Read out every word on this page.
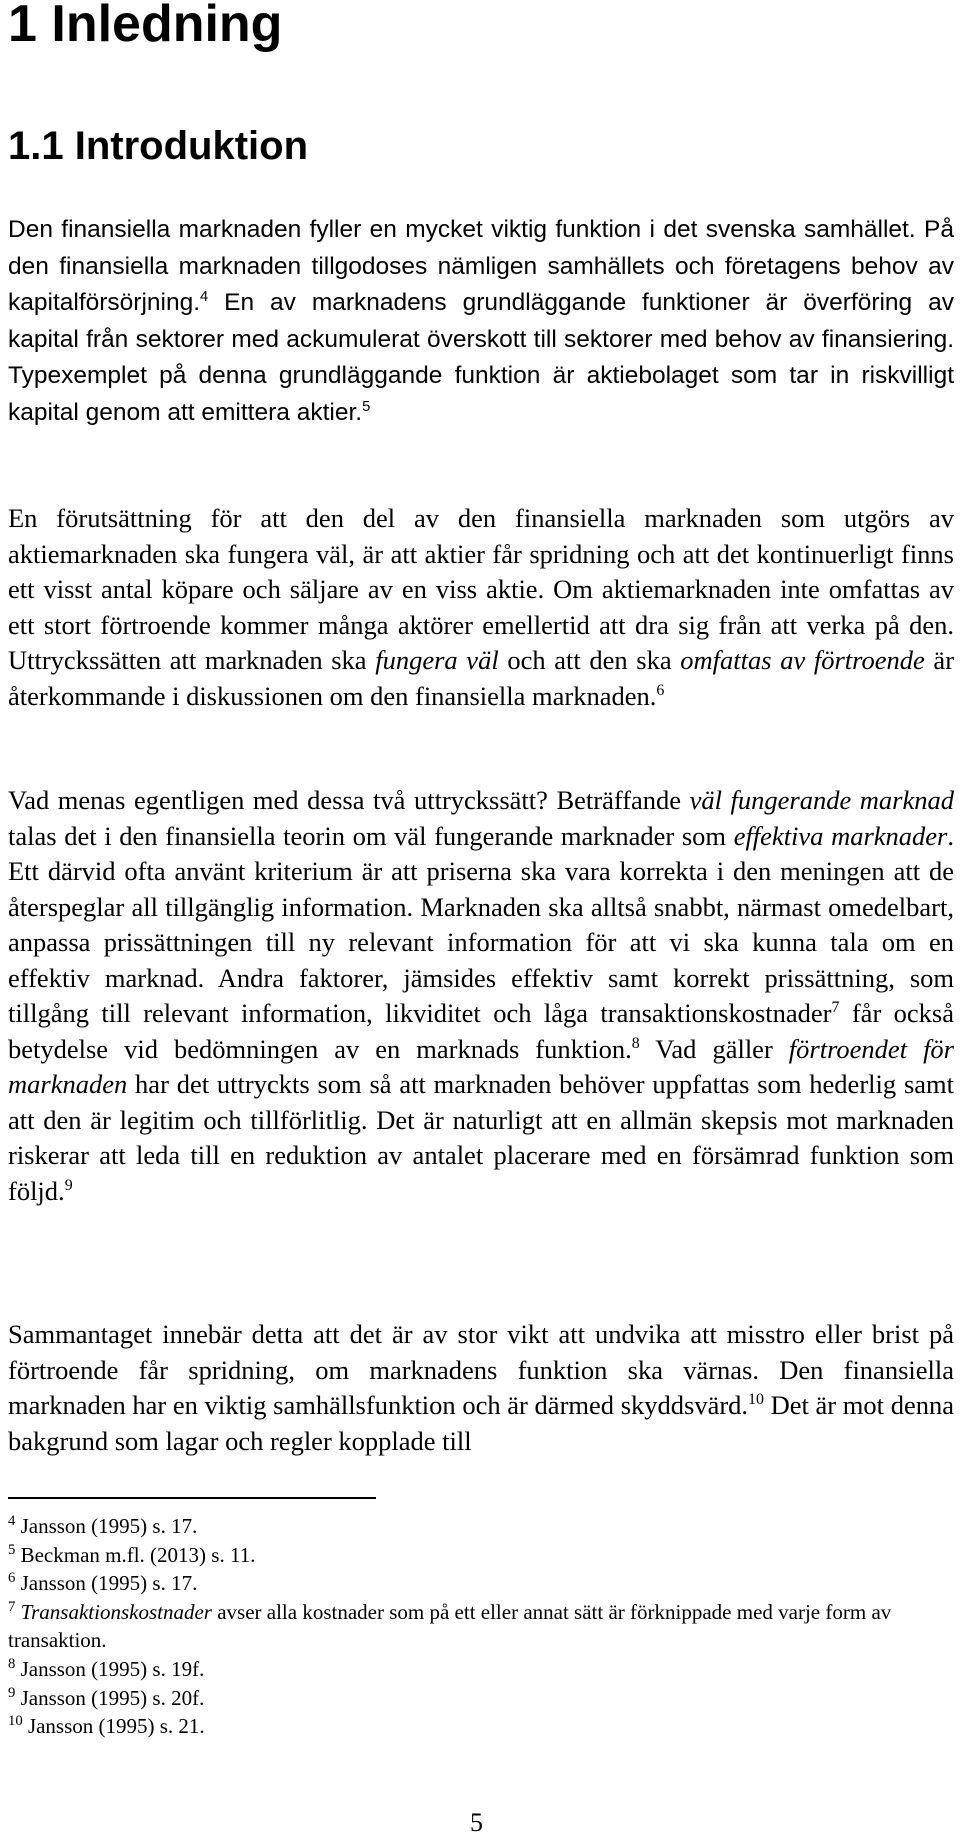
1 Inledning
1.1 Introduktion

Den finansiella marknaden fyller en mycket viktig funktion i det svenska samhället. På den finansiella marknaden tillgodoses nämligen samhällets och företagens behov av kapitalförsörjning.$^4$ En av marknadens grundläggande funktioner är överföring av kapital från sektorer med ackumulerat överskott till sektorer med behov av finansiering. Typexemplet på denna grundläggande funktion är aktiebolaget som tar in riskvilligt kapital genom att emittera aktier.$^5$

En förutsättning för att den del av den finansiella marknaden som utgörs av aktiemarknaden ska fungera väl, är att aktier får spridning och att det kontinuerligt finns ett visst antal köpare och säljare av en viss aktie. Om aktiemarknaden inte omfattas av ett stort förtroende kommer många aktörer emellertid att dra sig från att verka på den. Uttryckssätten att marknaden ska fungera väl och att den ska omfattas av förtroende är återkommande i diskussionen om den finansiella marknaden.$^6$

Vad menas egentligen med dessa två uttryckssätt? Beträffande väl fungerande marknad talas det i den finansiella teorin om väl fungerande marknader som effektiva marknader. Ett därvid ofta använt kriterium är att priserna ska vara korrekta i den meningen att de återspeglar all tillgänglig information. Marknaden ska alltså snabbt, närmast omedelbart, anpassa prissättningen till ny relevant information för att vi ska kunna tala om en effektiv marknad. Andra faktorer, jämsides effektiv samt korrekt prissättning, som tillgång till relevant information, likviditet och låga transaktionskostnader$^7$ får också betydelse vid bedömningen av en marknads funktion.$^8$ Vad gäller förtroendet för marknaden har det uttryckts som så att marknaden behöver uppfattas som hederlig samt att den är legitim och tillförlitlig. Det är naturligt att en allmän skepsis mot marknaden riskerar att leda till en reduktion av antalet placerare med en försämrad funktion som följd.$^9$

Sammantaget innebär detta att det är av stor vikt att undvika att misstro eller brist på förtroende får spridning, om marknadens funktion ska värnas. Den finansiella marknaden har en viktig samhällsfunktion och är därmed skyddsvärd.$^{10}$ Det är mot denna bakgrund som lagar och regler kopplade till

$^4$ Jansson (1995) s. 17.

$^5$ Beckman m.fl. (2013) s. 11.

$^6$ Jansson (1995) s. 17.

$^7$ Transaktionskostnader avser alla kostnader som på ett eller annat sätt är förknippade med varje form av transaktion.

$^8$ Jansson (1995) s. 19f.

$^9$ Jansson (1995) s. 20f.

$^{10}$ Jansson (1995) s. 21.

5
